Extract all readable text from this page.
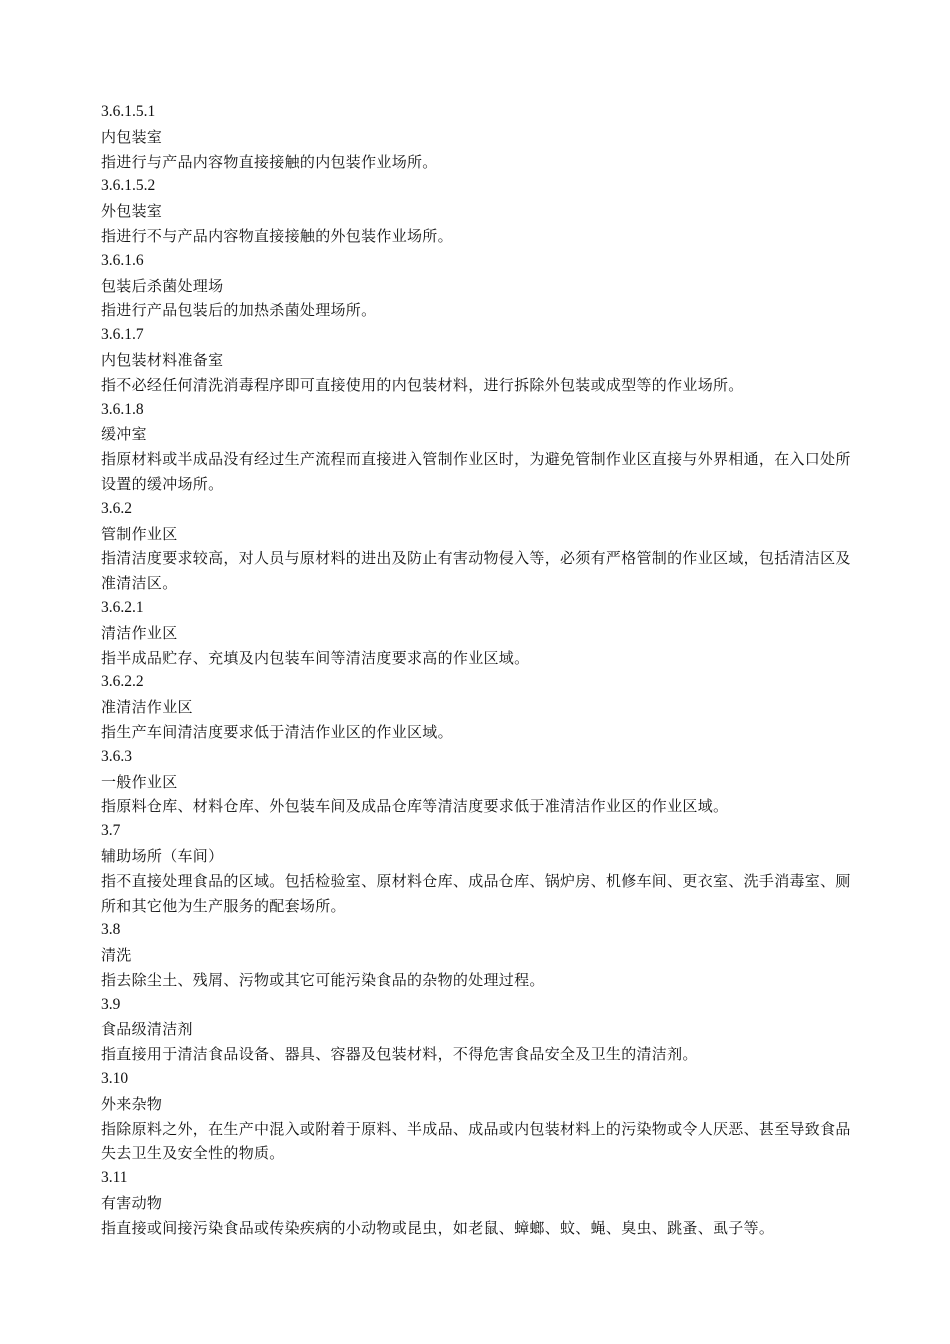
3.6.1.5.1

内包装室

指进行与产品内容物直接接触的内包装作业场所。

3.6.1.5.2

外包装室

指进行不与产品内容物直接接触的外包装作业场所。

3.6.1.6

包装后杀菌处理场

指进行产品包装后的加热杀菌处理场所。

3.6.1.7

内包装材料准备室

指不必经任何清洗消毒程序即可直接使用的内包装材料，进行拆除外包装或成型等的作业场所。

3.6.1.8

缓冲室

指原材料或半成品没有经过生产流程而直接进入管制作业区时，为避免管制作业区直接与外界相通，在入口处所设置的缓冲场所。

3.6.2

管制作业区

指清洁度要求较高，对人员与原材料的进出及防止有害动物侵入等，必须有严格管制的作业区域，包括清洁区及准清洁区。

3.6.2.1

清洁作业区

指半成品贮存、充填及内包装车间等清洁度要求高的作业区域。

3.6.2.2

准清洁作业区

指生产车间清洁度要求低于清洁作业区的作业区域。

3.6.3

一般作业区

指原料仓库、材料仓库、外包装车间及成品仓库等清洁度要求低于准清洁作业区的作业区域。

3.7

辅助场所（车间）

指不直接处理食品的区域。包括检验室、原材料仓库、成品仓库、锅炉房、机修车间、更衣室、洗手消毒室、厕所和其它他为生产服务的配套场所。

3.8

清洗

指去除尘土、残屑、污物或其它可能污染食品的杂物的处理过程。

3.9

食品级清洁剂

指直接用于清洁食品设备、器具、容器及包装材料，不得危害食品安全及卫生的清洁剂。

3.10

外来杂物

指除原料之外，在生产中混入或附着于原料、半成品、成品或内包装材料上的污染物或令人厌恶、甚至导致食品失去卫生及安全性的物质。

3.11

有害动物

指直接或间接污染食品或传染疾病的小动物或昆虫，如老鼠、蟑螂、蚊、蝇、臭虫、跳蚤、虱子等。
